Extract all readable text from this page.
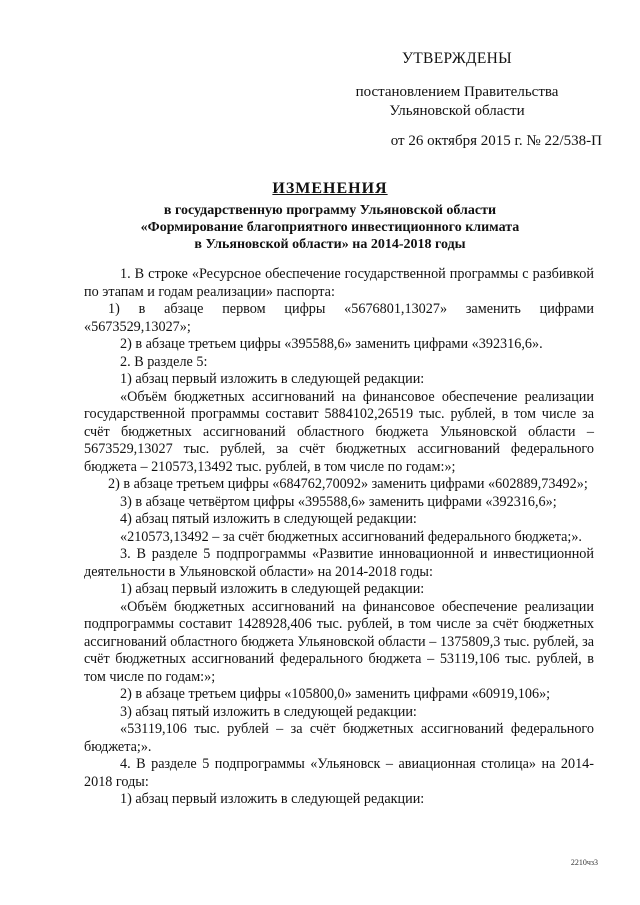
УТВЕРЖДЕНЫ
постановлением Правительства
Ульяновской области
от 26 октября 2015 г. № 22/538-П
ИЗМЕНЕНИЯ
в государственную программу Ульяновской области
«Формирование благоприятного инвестиционного климата
в Ульяновской области» на 2014-2018 годы

1. В строке «Ресурсное обеспечение государственной программы с разбивкой по этапам и годам реализации» паспорта:

1) в абзаце первом цифры «5676801,13027» заменить цифрами «5673529,13027»;

2) в абзаце третьем цифры «395588,6» заменить цифрами «392316,6».

2. В разделе 5:

1) абзац первый изложить в следующей редакции:

«Объём бюджетных ассигнований на финансовое обеспечение реализации государственной программы составит 5884102,26519 тыс. рублей, в том числе за счёт бюджетных ассигнований областного бюджета Ульяновской области – 5673529,13027 тыс. рублей, за счёт бюджетных ассигнований федерального бюджета – 210573,13492 тыс. рублей, в том числе по годам:»;

2) в абзаце третьем цифры «684762,70092» заменить цифрами «602889,73492»;

3) в абзаце четвёртом цифры «395588,6» заменить цифрами «392316,6»;

4) абзац пятый изложить в следующей редакции:

«210573,13492 – за счёт бюджетных ассигнований федерального бюджета;».

3. В разделе 5 подпрограммы «Развитие инновационной и инвестиционной деятельности в Ульяновской области» на 2014-2018 годы:

1) абзац первый изложить в следующей редакции:

«Объём бюджетных ассигнований на финансовое обеспечение реализации подпрограммы составит 1428928,406 тыс. рублей, в том числе за счёт бюджетных ассигнований областного бюджета Ульяновской области – 1375809,3 тыс. рублей, за счёт бюджетных ассигнований федерального бюджета – 53119,106 тыс. рублей, в том числе по годам:»;

2) в абзаце третьем цифры «105800,0» заменить цифрами «60919,106»;

3) абзац пятый изложить в следующей редакции:

«53119,106 тыс. рублей – за счёт бюджетных ассигнований федерального бюджета;».

4. В разделе 5 подпрограммы «Ульяновск – авиационная столица» на 2014-2018 годы:

1) абзац первый изложить в следующей редакции:

2210чз3
